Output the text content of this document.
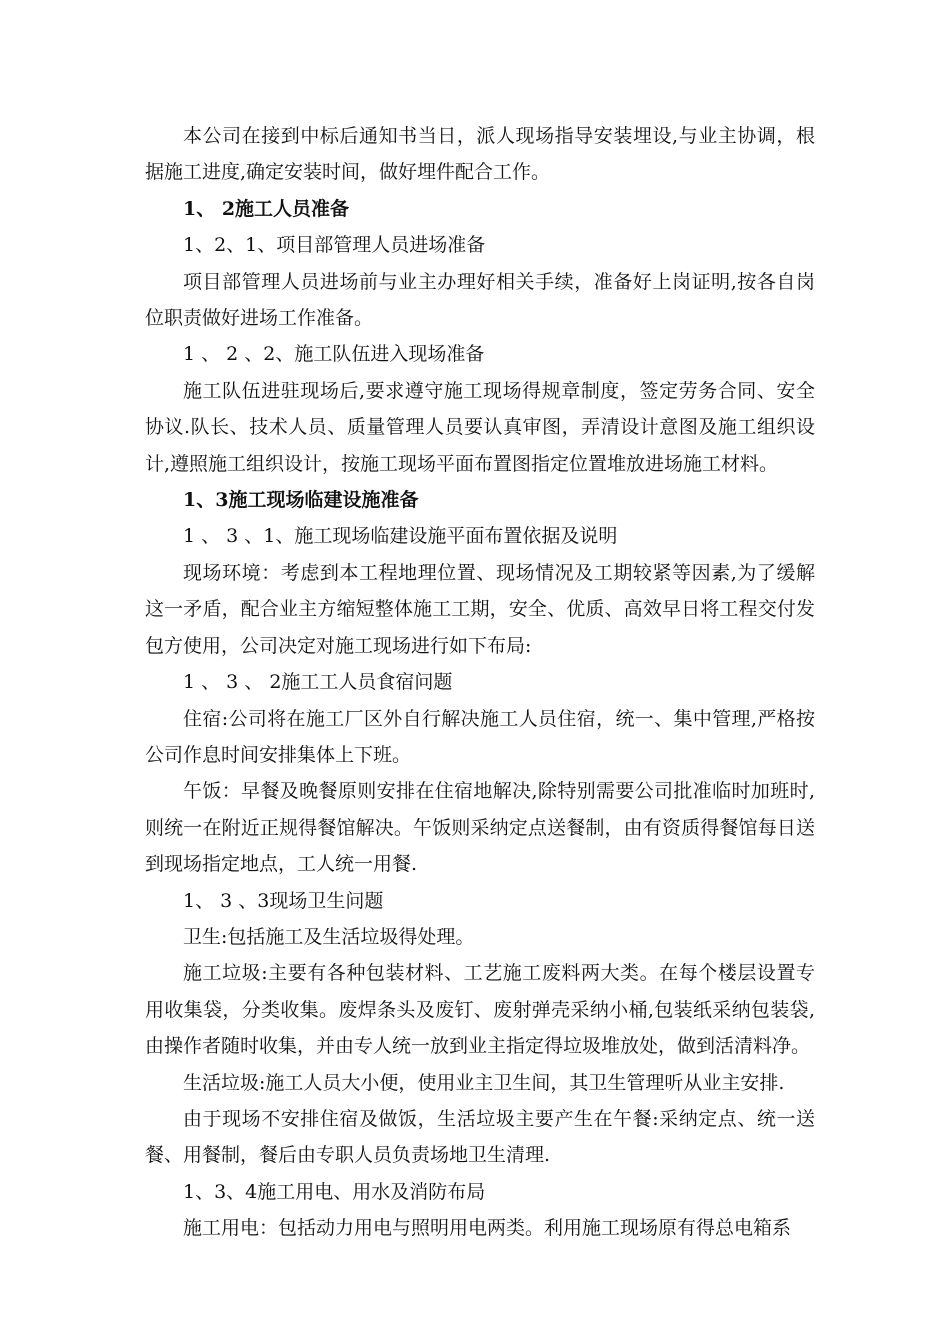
本公司在接到中标后通知书当日，派人现场指导安装埋设,与业主协调，根据施工进度,确定安装时间，做好埋件配合工作。

1、 2施工人员准备

1、2、1、项目部管理人员进场准备

项目部管理人员进场前与业主办理好相关手续，准备好上岗证明,按各自岗位职责做好进场工作准备。

1 、 2 、2、施工队伍进入现场准备

施工队伍进驻现场后,要求遵守施工现场得规章制度，签定劳务合同、安全协议.队长、技术人员、质量管理人员要认真审图，弄清设计意图及施工组织设计,遵照施工组织设计，按施工现场平面布置图指定位置堆放进场施工材料。

1、3施工现场临建设施准备

1 、 3 、1、施工现场临建设施平面布置依据及说明

现场环境：考虑到本工程地理位置、现场情况及工期较紧等因素,为了缓解这一矛盾，配合业主方缩短整体施工工期，安全、优质、高效早日将工程交付发包方使用，公司决定对施工现场进行如下布局:

1 、 3 、 2施工工人员食宿问题

住宿:公司将在施工厂区外自行解决施工人员住宿，统一、集中管理,严格按公司作息时间安排集体上下班。

午饭：早餐及晚餐原则安排在住宿地解决,除特别需要公司批准临时加班时,则统一在附近正规得餐馆解决。午饭则采纳定点送餐制，由有资质得餐馆每日送到现场指定地点，工人统一用餐.

1、 3 、3现场卫生问题

卫生:包括施工及生活垃圾得处理。

施工垃圾:主要有各种包装材料、工艺施工废料两大类。在每个楼层设置专用收集袋，分类收集。废焊条头及废钉、废射弹壳采纳小桶,包装纸采纳包装袋,由操作者随时收集，并由专人统一放到业主指定得垃圾堆放处，做到活清料净。

生活垃圾:施工人员大小便，使用业主卫生间，其卫生管理听从业主安排.

由于现场不安排住宿及做饭，生活垃圾主要产生在午餐:采纳定点、统一送餐、用餐制，餐后由专职人员负责场地卫生清理.

1、3、4施工用电、用水及消防布局

施工用电：包括动力用电与照明用电两类。利用施工现场原有得总电箱系
